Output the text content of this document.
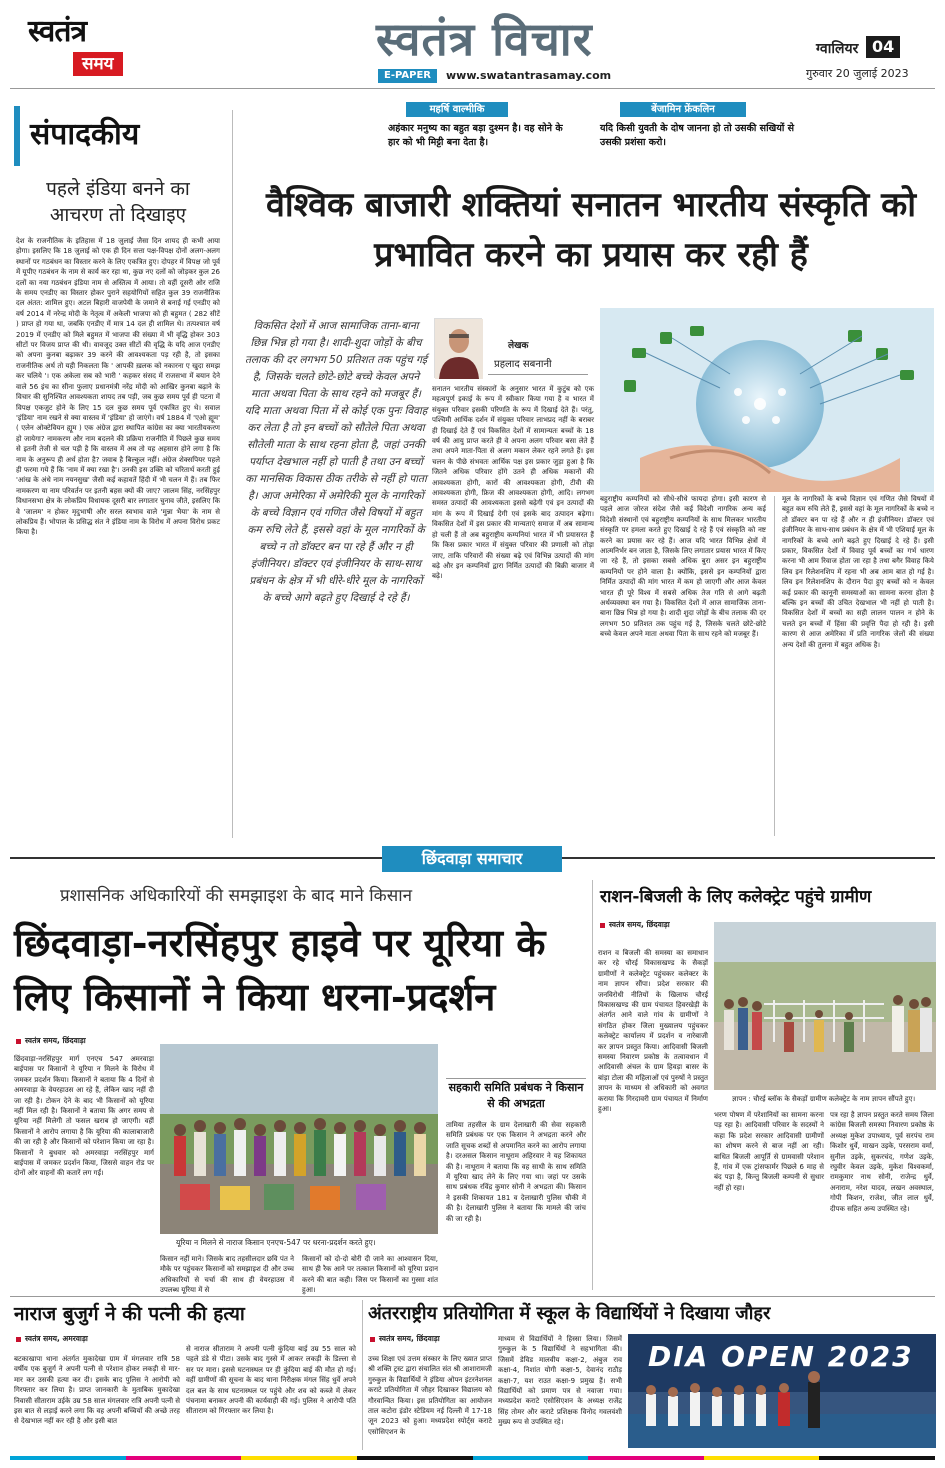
स्वतंत्र
समय	स्वतंत्र विचार
E-PAPER	www.swatantrasamay.com
ग्वालियर 04
गुरुवार 20 जुलाई 2023
महर्षि वाल्मीकि
अहंकार मनुष्य का बहुत बड़ा दुश्मन है। वह सोने के हार को भी मिट्टी बना देता है।
बेंजामिन फ्रेंकलिन
यदि किसी युवती के दोष जानना हो तो उसकी सखियों से उसकी प्रशंसा करो।
संपादकीय
पहले इंडिया बनने का आचरण तो दिखाइए
देश के राजनीतिक के इतिहास में 18 जुलाई जैसा दिन शायद ही कभी आया होगा। इसलिए कि 18 जुलाई को एक ही दिन सत्ता पक्ष-विपक्ष दोनों अलग-अलग स्थानों पर गठबंधन का विस्तार करने के लिए एकत्रित हुए। दोपहर में विपक्ष जो पूर्व में यूपीए गठबंधन के नाम से कार्य कर रहा था, कुछ नए दलों को जोड़कर कुल 26 दलों का नया गठबंधन इंडिया नाम से अस्तित्व में आया। तो वहीं दूसरी ओर राजि के समय एनडीए का विस्तार होकर पुराने सहयोगियों सहित कुल 39 राजनीतिक दल अंतत: शामिल हुए। अटल बिहारी वाजपेयी के जमाने से बनाई गई एनडीए को वर्ष 2014 में नरेन्द्र मोदी के नेतृत्व में अकेली भाजपा को ही बहुमत ( 282 सीटें ) प्राप्त हो गया था, जबकि एनडीए में मात्र 14 दल ही शामिल थे। तत्पश्चात वर्ष 2019 में एनडीए को मिले बहुमत में भाजपा की संख्या में भी वृद्धि होकर 303 सीटों पर विजय प्राप्त की थी। वावजूद उक्त सीटों की वृद्धि के यदि आज एनडीए को अपना कुनबा बढ़ाकर 39 करने की आवश्यकता पड़ रही है, तो इसका राजनीतिक अर्थ तो यही निकलता कि ' आपकी ख़लक को नकारना ए खुदा समझ कर चलिये '। एक अकेला सब को भारी ' कहकर संसद में राजसभा में बयान देने वाले 56 इंच का सीना फुलाए प्रधानमंत्री नरेंद्र मोदी को आखिर कुनबा बढ़ाने के विचार की सुनिश्चित आवश्यकता शायद तब पड़ी, जब कुछ समय पूर्व ही पटना में विपक्ष एकजुट होने के लिए 15 दल कुछ समय पूर्व एकत्रित हुए थे। सवाल 'इंडिया' नाम रखने से क्या वास्तव में 'इंडिया' हो जाएंगे। वर्ष 1884 में 'एओ ह्यूम' ( एलेन ओक्टेवियन ह्यूम ) एक अंग्रेज द्वारा स्थापित कांग्रेस का क्या भारतीयकरण हो जायेगा? नामकरण और नाम बदलने की प्रक्रिया राजनीति में पिछले कुछ समय से इतनी तेजी से चल पड़ी है कि वास्तव में अब तो यह अहसास होने लगा है कि नाम के अनुरूप ही अर्थ होता है? जवाब है बिल्कुल नहीं। अंग्रेज शेक्सपियर पहले ही फरमा गये हैं कि 'नाम में क्या रखा है'। उनकी इस उक्ति को चरितार्थ करती हुई 'आंख के अंधे नाम नयनसुख' जैसी कई कहावतें हिंदी में भी चलन में हैं। तब फिर नामकरण या नाम परिवर्तन पर इतनी बहस क्यों की जाए? जालम सिंह, नरसिंहपुर विधानसभा क्षेत्र के लोकप्रिय विधायक दूसरी बार लगातार चुनाव जीते, इसलिए कि वे 'जालम' न होकर मृदुभाषी और सरल स्वभाव वाले 'मुन्ना भैया' के नाम से लोकप्रिय हैं। भोपाल के प्रसिद्ध संत ने इंडिया नाम के विरोध में अपना विरोध प्रकट किया है।
वैश्विक बाजारी शक्तियां सनातन भारतीय संस्कृति को प्रभावित करने का प्रयास कर रही हैं
विकसित देशों में आज सामाजिक ताना-बाना छिन्न भिन्न हो गया है। शादी-शुदा जोड़ों के बीच तलाक की दर लगभग 50 प्रतिशत तक पहुंच गई है, जिसके चलते छोटे-छोटे बच्चे केवल अपने माता अथवा पिता के साथ रहने को मजबूर हैं। यदि माता अथवा पिता में से कोई एक पुनः विवाह कर लेता है तो इन बच्चों को सौतेले पिता अथवा सौतेली माता के साथ रहना होता है, जहां उनकी पर्याप्त देखभाल नहीं हो पाती है तथा उन बच्चों का मानसिक विकास ठीक तरीके से नहीं हो पाता है। आज अमेरिका में अमेरिकी मूल के नागरिकों के बच्चे विज्ञान एवं गणित जैसे विषयों में बहुत कम रुचि लेते हैं, इससे वहां के मूल नागरिकों के बच्चे न तो डॉक्टर बन पा रहे हैं और न ही इंजीनियर। डॉक्टर एवं इंजीनियर के साथ-साथ प्रबंधन के क्षेत्र में भी धीरे-धीरे मूल के नागरिकों के बच्चे आगे बढ़ते हुए दिखाई दे रहे हैं।
लेखक
प्रहलाद सबनानी
सनातन भारतीय संस्कारों के अनुसार भारत में कुटुंब को एक महत्वपूर्ण इकाई के रूप में स्वीकार किया गया है व भारत में संयुक्त परिवार इसकी परिणति के रूप में दिखाई देते हैं। परंतु, पश्चिमी आर्थिक दर्शन में संयुक्त परिवार लाभप्रद नहीं के बराबर ही दिखाई देते हैं एवं विकसित देशों में सामान्यतः बच्चों के 18 वर्ष की आयु प्राप्त करते ही वे अपना अलग परिवार बसा लेते हैं तथा अपने माता-पिता से अलग मकान लेकर रहने लगते हैं। इस चलन के पीछे संभवतः आर्थिक पक्ष इस प्रकार जुड़ा हुआ है कि जितने अधिक परिवार होंगे उतने ही अधिक मकानों की आवश्यकता होगी, कारों की आवश्यकता होगी, टीवी की आवश्यकता होगी, फ्रिज की आवश्यकता होगी, आदि। लगभग समस्त उत्पादों की आवश्यकता इससे बढ़ेगी एवं इन उत्पादों की मांग के रूप में दिखाई देगी एवं इसके बाद उत्पादन बढ़ेगा। विकसित देशों में इस प्रकार की मान्यताएं समाज में अब सामान्य हो चली हैं तो अब बहुराष्ट्रीय कम्पनियां भारत में भी प्रयासरत हैं कि किस प्रकार भारत में संयुक्त परिवार की प्रणाली को तोड़ा जाए, ताकि परिवारों की संख्या बढ़े एवं विभिन्न उत्पादों की मांग बढ़े और इन कम्पनियों द्वारा निर्मित उत्पादों की बिक्री बाजार में बढ़े।
बहुराष्ट्रीय कम्पनियों को सीधे-सीधे फायदा होगा। इसी कारण से पहले आज जोरज संदेश जैसे कई विदेशी नागरिक अन्य कई विदेशी संस्थानों एवं बहुराष्ट्रीय कम्पनियों के साथ मिलकर भारतीय संस्कृति पर हमला करते हुए दिखाई दे रहे हैं एवं संस्कृति को नष्ट करने का प्रयास कर रहे हैं। आज यदि भारत विभिन्न क्षेत्रों में आत्मनिर्भर बन जाता है, जिसके लिए लगातार प्रयास भारत में किए जा रहे हैं, तो इसका सबसे अधिक बुरा असर इन बहुराष्ट्रीय कम्पनियों पर होने वाला है। क्योंकि, इससे इन कम्पनियों द्वारा निर्मित उत्पादों की मांग भारत में कम हो जाएगी और आज केवल भारत ही पूरे विश्व में सबसे अधिक तेज गति से आगे बढ़ती अर्थव्यवस्था बन गया है। विकसित देशों में आज सामाजिक ताना-बाना छिन्न भिन्न हो गया है। शादी शुदा जोड़ों के बीच तलाक की दर लगभग 50 प्रतिशत तक पहुंच गई है, जिसके चलते छोटे-छोटे बच्चे केवल अपने माता अथवा पिता के साथ रहने को मजबूर हैं।
मूल के नागरिकों के बच्चे विज्ञान एवं गणित जैसे विषयों में बहुत कम रुचि लेते हैं, इससे वहां के मूल नागरिकों के बच्चे न तो डॉक्टर बन पा रहे हैं और न ही इंजीनियर। डॉक्टर एवं इंजीनियर के साथ-साथ प्रबंधन के क्षेत्र में भी एशियाई मूल के नागरिकों के बच्चे आगे बढ़ते हुए दिखाई दे रहे हैं। इसी प्रकार, विकसित देशों में विवाह पूर्व बच्चों का गर्भ धारण करना भी आम रिवाज होता जा रहा है तथा बगैर विवाह किये लिव इन रिलेशनशिप में रहना भी अब आम बात हो गई है। लिव इन रिलेशनशिप के दौरान पैदा हुए बच्चों को न केवल कई प्रकार की कानूनी समस्याओं का सामना करना होता है बल्कि इन बच्चों की उचित देखभाल भी नहीं हो पाती है। विकसित देशों में बच्चों का सही लालन पालन न होने के चलते इन बच्चों में हिंसा की प्रवृत्ति पैदा हो रही है। इसी कारण से आज अमेरिका में प्रति नागरिक जेलों की संख्या अन्य देशों की तुलना में बहुत अधिक है।
छिंदवाड़ा समाचार
प्रशासनिक अधिकारियों की समझाइश के बाद माने किसान
छिंदवाड़ा-नरसिंहपुर हाइवे पर यूरिया के लिए किसानों ने किया धरना-प्रदर्शन
स्वतंत्र समय, छिंदवाड़ा
छिंदवाड़ा-नरसिंहपुर मार्ग एनएच 547 अमरवाड़ा बाईपास पर किसानों ने यूरिया न मिलने के विरोध में जमकर प्रदर्शन किया। किसानों ने बताया कि 4 दिनों से अमरवाड़ा के वेयरहाउस आ रहे हैं, लेकिन खाद नहीं दी जा रही है। टोकन देने के बाद भी किसानों को यूरिया नहीं मिल रही है। किसानों ने बताया कि अगर समय से यूरिया नहीं मिलेगी तो फसल खराब हो जाएगी। वहीं किसानों ने आरोप लगाया है कि यूरिया की कालाबाजारी की जा रही है और किसानों को परेशान किया जा रहा है। किसानों ने बुधवार को अमरवाड़ा नरसिंहपुर मार्ग बाईपास में जमकर प्रदर्शन किया, जिससे वाहन रोड पर दोनों ओर वाहनों की कतारें लग गईं।
यूरिया न मिलने से नाराज किसान एनएच-547 पर धरना-प्रदर्शन करते हुए।
किसान नहीं माने। जिसके बाद तहसीलदार छवि पंत ने मौके पर पहुंचकर किसानों को समझाइश दी और उच्च अधिकारियों से चर्चा की साथ ही वेयरहाउस में उपलब्ध यूरिया में से
किसानों को दो-दो बोरी दी जाने का आश्वासन दिया, साथ ही रैक आने पर तत्काल किसानों को यूरिया प्रदान करने की बात कही। जिस पर किसानों का गुस्सा शांत हुआ।
सहकारी समिति प्रबंधक ने किसान से की अभद्रता
तामिया तहसील के ग्राम देलाखारी की सेवा सहकारी समिति प्रबंधक पर एक किसान ने अभद्रता करने और जाति सूचक शब्दों से अपमानित करने का आरोप लगाया है। दरअसल किसान नाथूराम अहिरवार ने यह शिकायत की है। नाथूराम ने बताया कि वह साथी के साथ समिति में यूरिया खाद लेने के लिए गया था। जहां पर उसके साथ प्रबंधक रविंद्र कुमार सोनी ने अभद्रता की। किसान ने इसकी शिकायत 181 व देलाखारी पुलिस चौकी में की है। देलाखारी पुलिस ने बताया कि मामले की जांच की जा रही है।
राशन-बिजली के लिए कलेक्ट्रेट पहुंचे ग्रामीण
स्वतंत्र समय, छिंदवाड़ा
राशन व बिजली की समस्या का समाधान कर रहे चौरई विकासखण्ड के सैकड़ों ग्रामीणों ने कलेक्ट्रेट पहुंचकर कलेक्टर के नाम ज्ञापन सौंपा। प्रदेश सरकार की जनविरोधी नीतियों के खिलाफ चौरई विकासखण्ड की ग्राम पंचायत हिवरखेड़ी के अंतर्गत आने वाले गांव के ग्रामीणों ने संगठित होकर जिला मुख्यालय पहुंचकर कलेक्ट्रेट कार्यालय में प्रदर्शन व नारेबाजी कर ज्ञापन प्रस्तुत किया। आदिवासी बिजली समस्या निवारण प्रकोष्ठ के तत्वावधान में आदिवासी अंचल के ग्राम हिवड़ा बासर के बांड़ा टोला की महिलाओं एवं पुरुषों ने प्रस्तुत ज्ञापन के माध्यम से अधिकारी को अवगत कराया कि गिरदावरी ग्राम पंचायत में निर्माण हुआ।
ज्ञापन : चौरई ब्लॉक के सैकड़ों ग्रामीण कलेक्ट्रेट के नाम ज्ञापन सौंपते हुए।
भरण पोषण में परेशानियों का सामना करना पड़ रहा है। आदिवासी परिवार के सदस्यों ने कहा कि प्रदेश सरकार आदिवासी ग्रामीणों का शोषण करने से बाज नहीं आ रही। बाधित बिजली आपूर्ति से ग्रामवासी परेशान हैं, गांव में एक ट्रांसफार्मर पिछले 6 माह से बंद पड़ा है, किन्तु बिजली कम्पनी से सुधार नहीं हो रहा।
पत्र रहा है ज्ञापन प्रस्तुत करते समय जिला कांग्रेस बिजली समस्या निवारण प्रकोष्ठ के अध्यक्ष मुकेश उपाध्याय, पूर्व सरपंच राम किशोर धुर्वे, माखन उइके, परसराम वर्मा, सुनील उइके, सुकरचंद, गणेश उइके, रघुवीर केवल उइके, मुकेश विश्वकर्मा, रामकुमार नाथ सोनी, राजेन्द्र धुर्वे, अनाराम, नरेश यादव, लखन अवस्थाल, गोपी किशन, राजेश, जीत लाल धुर्वे, दीपक सहित अन्य उपस्थित रहे।
नाराज बुजुर्ग ने की पत्नी की हत्या
स्वतंत्र समय, अमरवाड़ा
बटकाखापा थाना अंतर्गत मुकादेखा ग्राम में मंगलवार रात्रि 58 वर्षीय एक बुजुर्ग ने अपनी पत्नी से परेशान होकर लकड़ी से मार-मार कर उसकी हत्या कर दी। इसके बाद पुलिस ने आरोपी को गिरफ्तार कर लिया है। प्राप्त जानकारी के मुताबिक मुकादेखा निवासी सीताराम उईके उम्र 58 साल मंगलवार रात्रि अपनी पत्नी से इस बात से लड़ाई करने लगा कि वह अपनी बच्चियों की अच्छे तरह से देखभाल नहीं कर रही है और इसी बात
से नाराज सीताराम ने अपनी पत्नी कुंदिया बाई उम्र 55 साल को पहले डंडे से पीटा। उसके बाद गुस्से में आकर लकड़ी के डिल्ला से सर पर मारा। इससे घटनास्थल पर ही कुंदिया बाई की मौत हो गई। वहीं ग्रामीणों की सूचना के बाद थाना निरीक्षक मंगल सिंह धुर्वे अपने दल बल के साथ घटनास्थल पर पहुंचे और शव को कब्जे में लेकर पंचनामा बनाकर अपनी की कार्यवाही की गई। पुलिस ने आरोपी पति सीताराम को गिरफ्तार कर लिया है।
अंतरराष्ट्रीय प्रतियोगिता में स्कूल के विद्यार्थियों ने दिखाया जौहर
स्वतंत्र समय, छिंदवाड़ा
उच्च शिक्षा एवं उत्तम संस्कार के लिए ख्यात प्राप्त श्री शक्ति ट्रस्ट द्वारा संचालित संत श्री आशारामजी गुरुकुल के विद्यार्थियों ने इंडिया ओपन इंटरनेशनल कराटे प्रतियोगिता में जौहर दिखाकर विद्यालय को गौरवान्वित किया। इस प्रतियोगिता का आयोजन ताल कटोरा इंडोर स्टेडियम नई दिल्ली में 17-18 जून 2023 को हुआ। मध्यप्रदेश स्पोर्ट्स कराटे एसोसिएशन के
माध्यम से विद्यार्थियों ने हिस्सा लिया। जिसमें गुरुकुल के 5 विद्यार्थियों ने सहभागिता की। जिसमें डेविड मालवीय कक्षा-2, अंबुज राव कक्षा-4, निशांत योगी कक्षा-5, देवानंद राठौड़ कक्षा-7, यश राउत कक्षा-9 प्रमुख हैं। सभी विद्यार्थियों को प्रमाण पत्र से नवाजा गया। मध्यप्रदेश कराटे एसोसिएशन के अध्यक्ष राजेंद्र सिंह तोमर और कराटे प्रशिक्षक विनोद गवलवंशी मुख्य रूप से उपस्थित रहे।
DIA OPEN 2023
